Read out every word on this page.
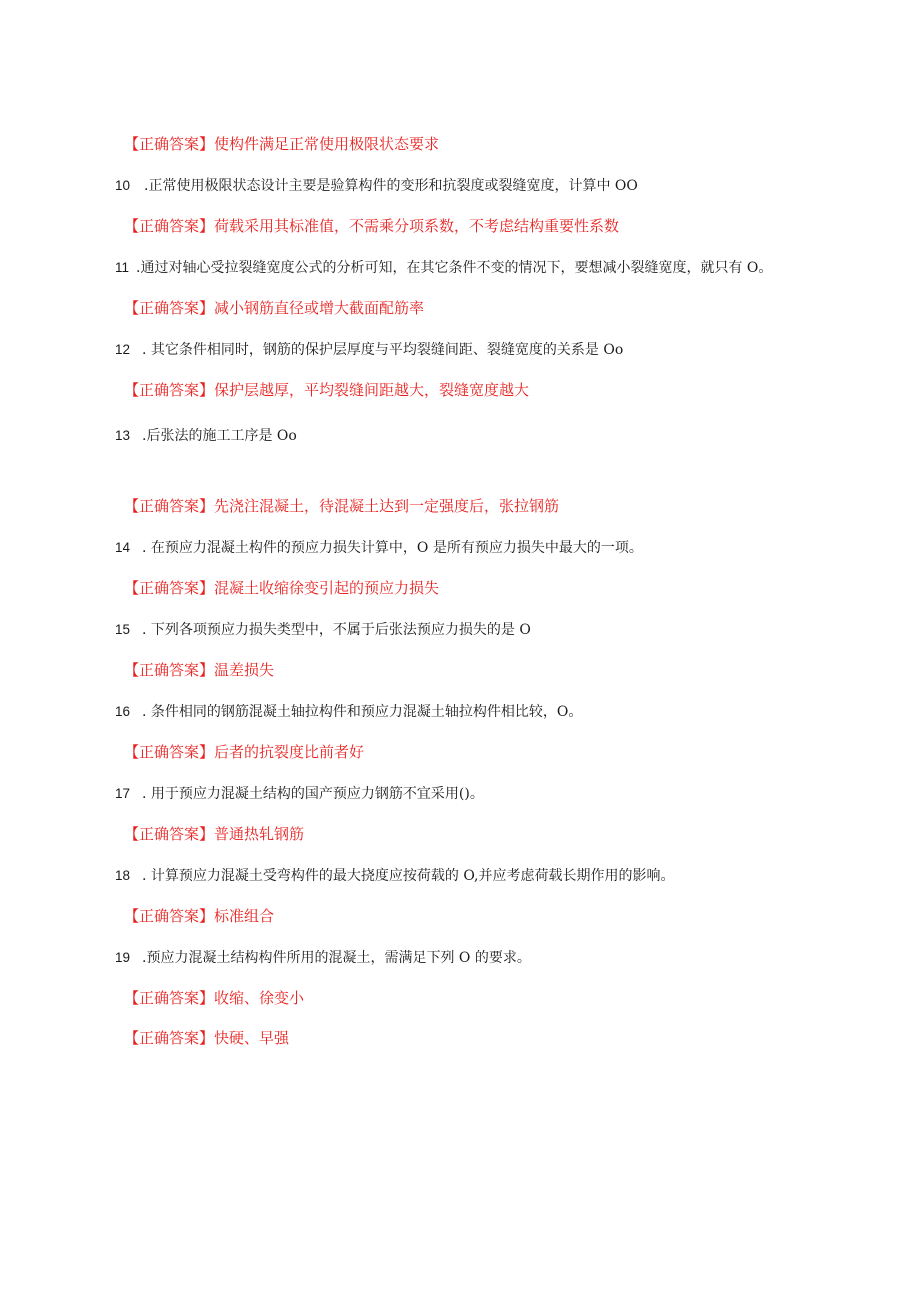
【正确答案】使构件满足正常使用极限状态要求
10 .正常使用极限状态设计主要是验算构件的变形和抗裂度或裂缝宽度，计算中 OO
【正确答案】荷载采用其标准值，不需乘分项系数，不考虑结构重要性系数
11 .通过对轴心受拉裂缝宽度公式的分析可知，在其它条件不变的情况下，要想减小裂缝宽度，就只有 O。
【正确答案】减小钢筋直径或增大截面配筋率
12 . 其它条件相同时，钢筋的保护层厚度与平均裂缝间距、裂缝宽度的关系是 Oo
【正确答案】保护层越厚，平均裂缝间距越大，裂缝宽度越大
13 .后张法的施工工序是 Oo
【正确答案】先浇注混凝土，待混凝土达到一定强度后，张拉钢筋
14 . 在预应力混凝土构件的预应力损失计算中，O 是所有预应力损失中最大的一项。
【正确答案】混凝土收缩徐变引起的预应力损失
15 . 下列各项预应力损失类型中，不属于后张法预应力损失的是 O
【正确答案】温差损失
16 . 条件相同的钢筋混凝土轴拉构件和预应力混凝土轴拉构件相比较，O。
【正确答案】后者的抗裂度比前者好
17 . 用于预应力混凝土结构的国产预应力钢筋不宜采用()。
【正确答案】普通热轧钢筋
18 . 计算预应力混凝土受弯构件的最大挠度应按荷载的 O,并应考虑荷载长期作用的影响。
【正确答案】标准组合
19 .预应力混凝土结构构件所用的混凝土，需满足下列 O 的要求。
【正确答案】收缩、徐变小
【正确答案】快硬、早强
